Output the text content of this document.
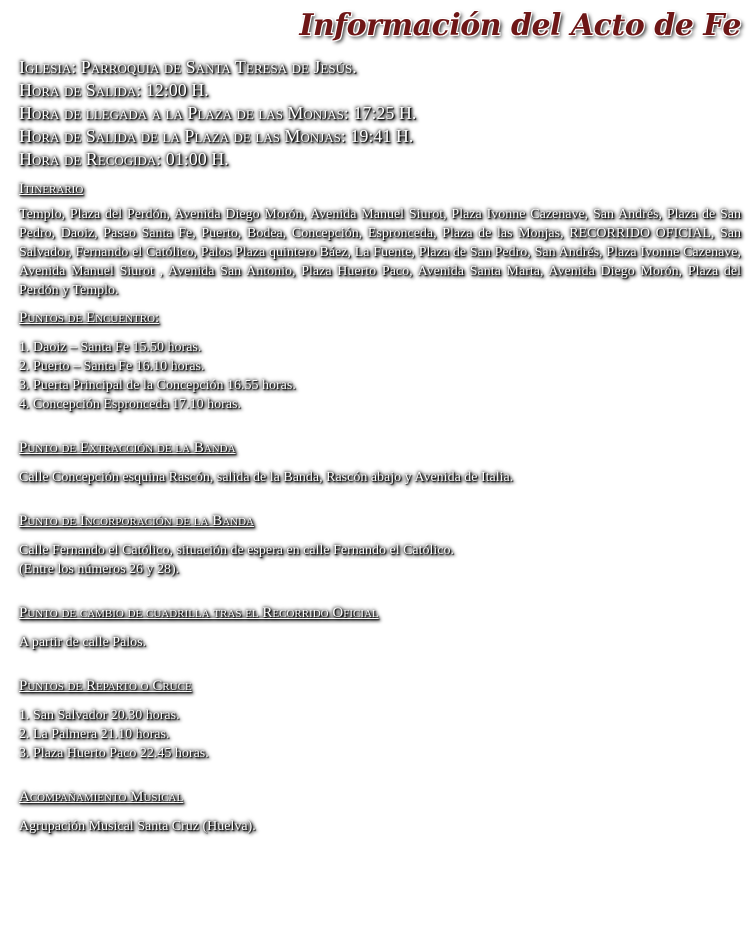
Información del Acto de Fe

Iglesia: Parroquia de Santa Teresa de Jesús.

Hora de Salida: 12:00 H.

Hora de llegada a la Plaza de las Monjas: 17:25 H.

Hora de Salida de la Plaza de las Monjas: 19:41 H.

Hora de Recogida: 01:00 H.

Itinerario

Templo, Plaza del Perdón, Avenida Diego Morón, Avenida Manuel Siurot, Plaza Ivonne Cazenave, San Andrés, Plaza de San Pedro, Daoiz, Paseo Santa Fe, Puerto, Bodea, Concepción, Espronceda, Plaza de las Monjas, RECORRIDO OFICIAL, San Salvador, Fernando el Católico, Palos Plaza quintero Báez, La Fuente, Plaza de San Pedro, San Andrés, Plaza Ivonne Cazenave, Avenida Manuel Siurot , Avenida San Antonio, Plaza Huerto Paco, Avenida Santa Marta, Avenida Diego Morón, Plaza del Perdón y Templo.

Puntos de Encuentro:

1. Daoiz – Santa Fe 15.50 horas.

2. Puerto – Santa Fe 16.10 horas.

3. Puerta Principal de la Concepción 16.55 horas.

4. Concepción Espronceda 17.10 horas.

Punto de Extracción de la Banda

Calle Concepción esquina Rascón, salida de la Banda, Rascón abajo y Avenida de Italia.

Punto de Incorporación de la Banda

Calle Fernando el Católico, situación de espera en calle Fernando el Católico.

(Entre los números 26 y 28).

Punto de cambio de cuadrilla tras el Recorrido Oficial

A partir de calle Palos.

Puntos de Reparto o Cruce

1. San Salvador 20.30 horas.

2. La Palmera 21.10 horas.

3. Plaza Huerto Paco 22.45 horas.

Acompañamiento Musical

Agrupación Musical Santa Cruz (Huelva).
